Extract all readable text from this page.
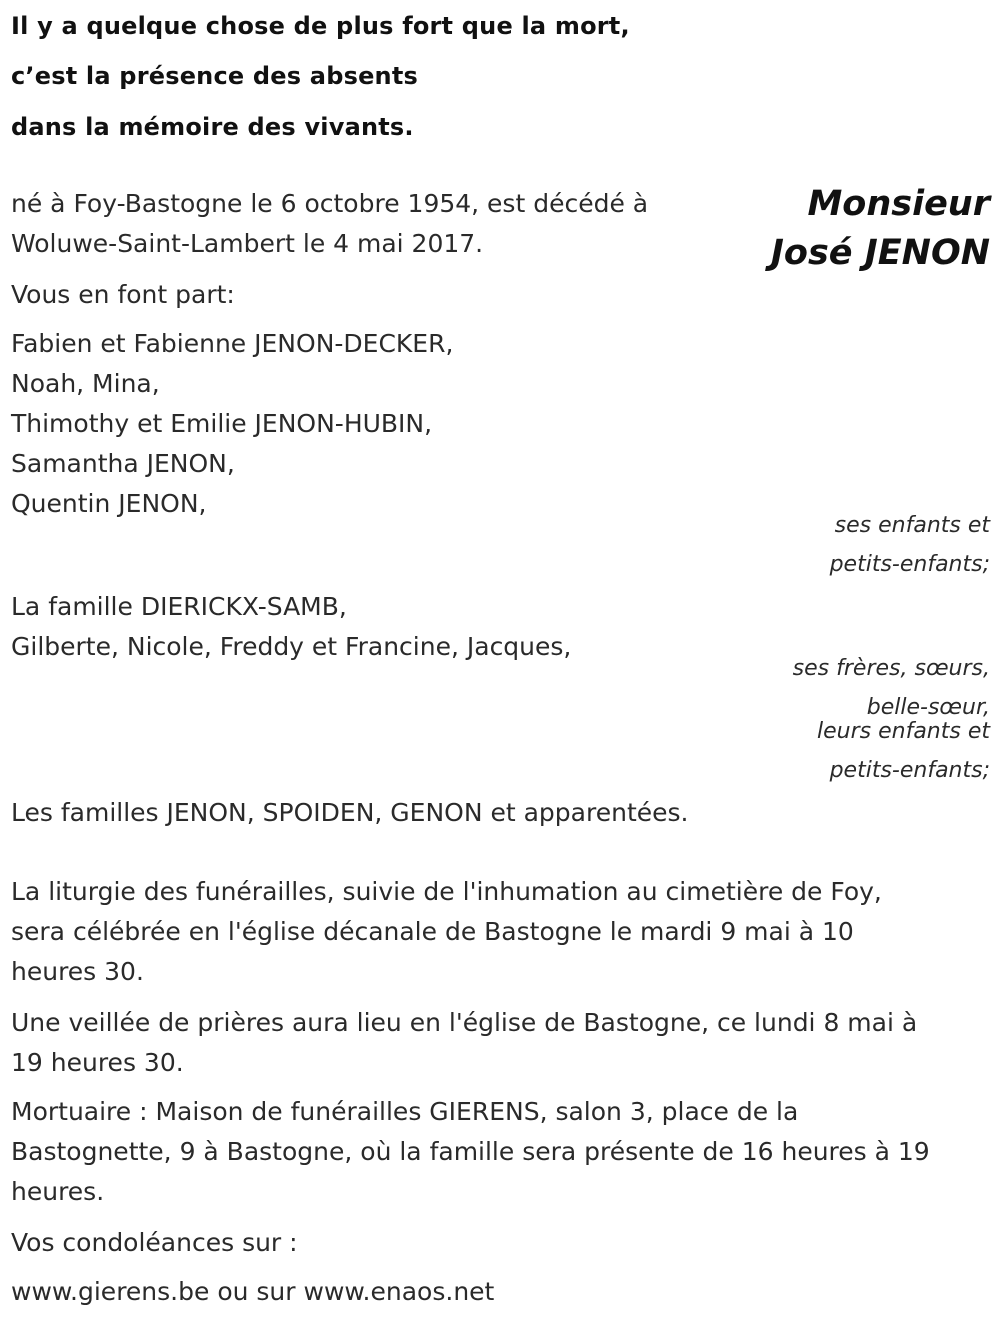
Il y a quelque chose de plus fort que la mort,
c’est la présence des absents
dans la mémoire des vivants.
Monsieur
José JENON
né à Foy-Bastogne le 6 octobre 1954, est décédé à
Woluwe-Saint-Lambert le 4 mai 2017.
Vous en font part:
Fabien et Fabienne JENON-DECKER,
Noah, Mina,
Thimothy et Emilie JENON-HUBIN,
Samantha JENON,
Quentin JENON,
ses enfants et
petits-enfants;
La famille DIERICKX-SAMB,
Gilberte, Nicole, Freddy et Francine, Jacques,
ses frères, sœurs,
belle-sœur,
leurs enfants et
petits-enfants;
Les familles JENON, SPOIDEN, GENON et apparentées.
La liturgie des funérailles, suivie de l'inhumation au cimetière de Foy,
sera célébrée en l'église décanale de Bastogne le mardi 9 mai à 10
heures 30.
Une veillée de prières aura lieu en l'église de Bastogne, ce lundi 8 mai à
19 heures 30.
Mortuaire : Maison de funérailles GIERENS, salon 3, place de la
Bastognette, 9 à Bastogne, où la famille sera présente de 16 heures à 19
heures.
Vos condoléances sur :
www.gierens.be ou sur www.enaos.net
